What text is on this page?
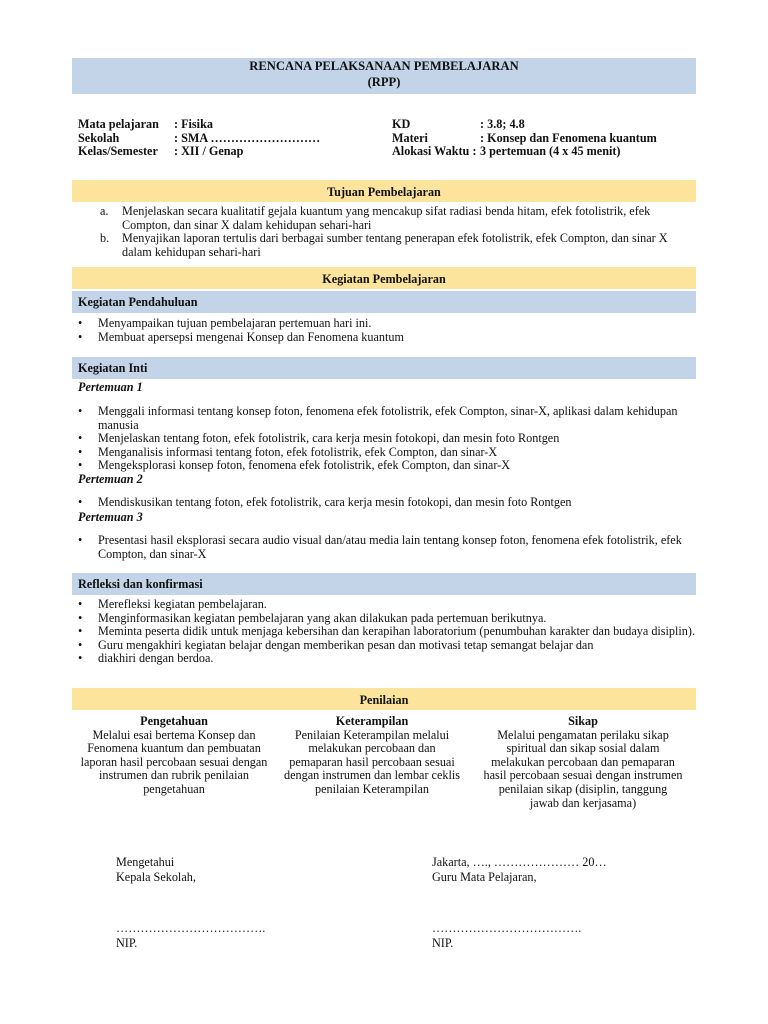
RENCANA PELAKSANAAN PEMBELAJARAN
(RPP)
Mata pelajaran	: Fisika
Sekolah	: SMA ………………………
Kelas/Semester	: XII / Genap
KD	: 3.8; 4.8
Materi	: Konsep dan Fenomena kuantum
Alokasi Waktu :	3 pertemuan (4 x 45 menit)
Tujuan Pembelajaran
a. Menjelaskan secara kualitatif gejala kuantum yang mencakup sifat radiasi benda hitam, efek fotolistrik, efek Compton, dan sinar X dalam kehidupan sehari-hari
b. Menyajikan laporan tertulis dari berbagai sumber tentang penerapan efek fotolistrik, efek Compton, dan sinar X dalam kehidupan sehari-hari
Kegiatan Pembelajaran
Kegiatan Pendahuluan
• Menyampaikan tujuan pembelajaran pertemuan hari ini.
• Membuat apersepsi mengenai Konsep dan Fenomena kuantum
Kegiatan Inti
Pertemuan 1
• Menggali informasi tentang konsep foton, fenomena efek fotolistrik, efek Compton, sinar-X, aplikasi dalam kehidupan manusia
• Menjelaskan tentang foton, efek fotolistrik, cara kerja mesin fotokopi, dan mesin foto Rontgen
• Menganalisis informasi tentang foton, efek fotolistrik, efek Compton, dan sinar-X
• Mengeksplorasi konsep foton, fenomena efek fotolistrik, efek Compton, dan sinar-X
Pertemuan 2
• Mendiskusikan tentang foton, efek fotolistrik, cara kerja mesin fotokopi, dan mesin foto Rontgen
Pertemuan 3
• Presentasi hasil eksplorasi secara audio visual dan/atau media lain tentang konsep foton, fenomena efek fotolistrik, efek Compton, dan sinar-X
Refleksi dan konfirmasi
• Merefleksi kegiatan pembelajaran.
• Menginformasikan kegiatan pembelajaran yang akan dilakukan pada pertemuan berikutnya.
• Meminta peserta didik untuk menjaga kebersihan dan kerapihan laboratorium (penumbuhan karakter dan budaya disiplin).
• Guru mengakhiri kegiatan belajar dengan memberikan pesan dan motivasi tetap semangat belajar dan
• diakhiri dengan berdoa.
Penilaian
Pengetahuan
Melalui esai bertema Konsep dan Fenomena kuantum dan pembuatan laporan hasil percobaan sesuai dengan instrumen dan rubrik penilaian pengetahuan
Keterampilan
Penilaian Keterampilan melalui melakukan percobaan dan pemaparan hasil percobaan sesuai dengan instrumen dan lembar ceklis penilaian Keterampilan
Sikap
Melalui pengamatan perilaku sikap spiritual dan sikap sosial dalam melakukan percobaan dan pemaparan hasil percobaan sesuai dengan instrumen penilaian sikap (disiplin, tanggung jawab dan kerjasama)
Mengetahui
Kepala Sekolah,
……………………………….
NIP.
Jakarta, …., ………………… 20…
Guru Mata Pelajaran,
……………………………….
NIP.
